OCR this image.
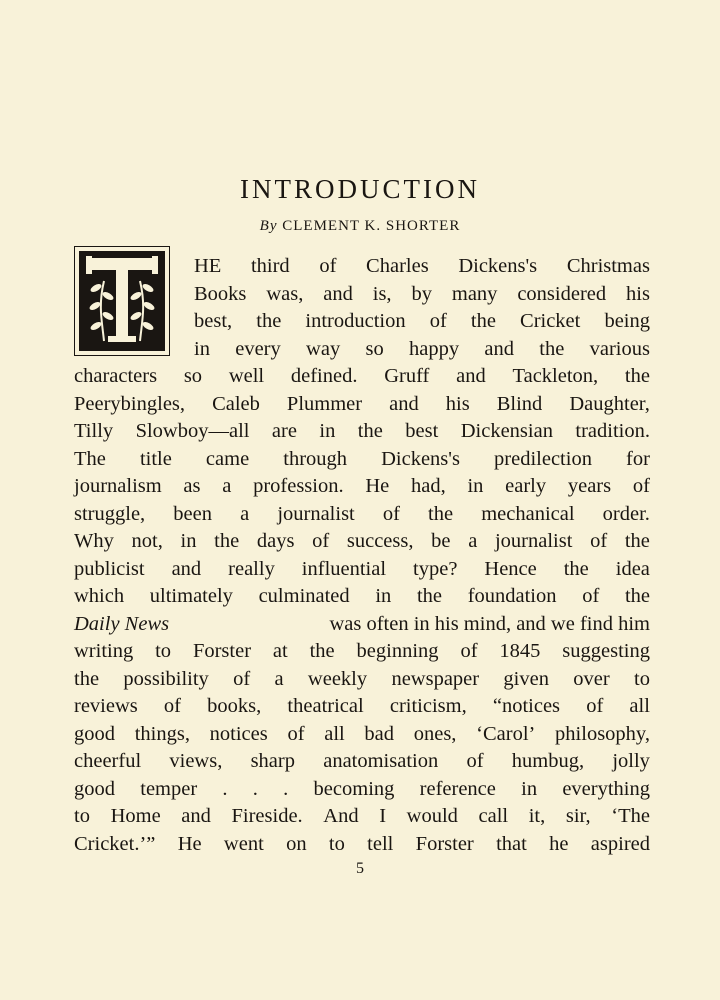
INTRODUCTION
By CLEMENT K. SHORTER
HE third of Charles Dickens's Christmas
Books was, and is, by many considered his
best, the introduction of the Cricket being
in every way so happy and the various
characters so well defined. Gruff and Tackleton, the
Peerybingles, Caleb Plummer and his Blind Daughter,
Tilly Slowboy—all are in the best Dickensian tradition.
The title came through Dickens's predilection for
journalism as a profession. He had, in early years of
struggle, been a journalist of the mechanical order.
Why not, in the days of success, be a journalist of the
publicist and really influential type? Hence the idea
which ultimately culminated in the foundation of the
Daily News	was often in his mind, and we find him
writing to Forster at the beginning of 1845 suggesting
the possibility of a weekly newspaper given over to
reviews of books, theatrical criticism, “notices of all
good things, notices of all bad ones, ‘Carol’ philosophy,
cheerful views, sharp anatomisation of humbug, jolly
good temper . . . becoming reference in everything
to Home and Fireside. And I would call it, sir, ‘The
Cricket.’” He went on to tell Forster that he aspired
5
